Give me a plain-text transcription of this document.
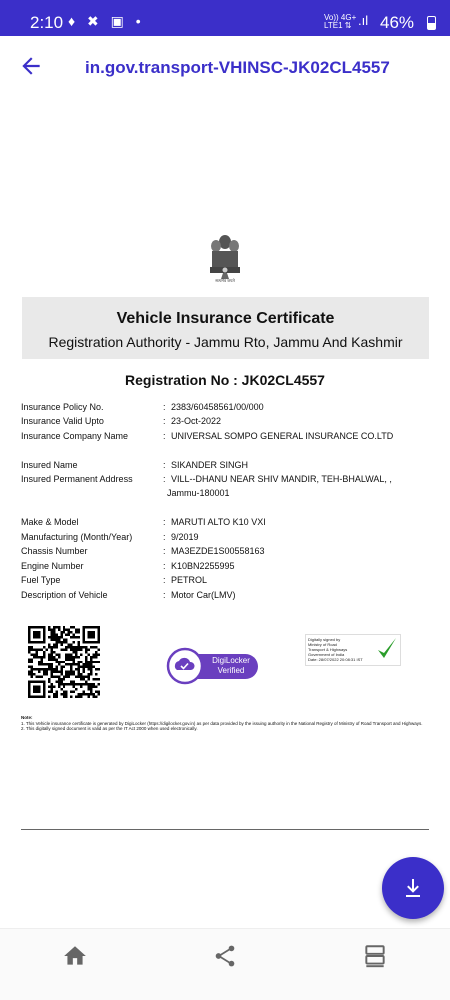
2:10 ♦ ✖ ▣ •	Vo)) 4G+
LTE1 ⇅ .ıl 46%
in.gov.transport-VHINSC-JK02CL4557
सत्यमेव जयते
Vehicle Insurance Certificate
Registration Authority - Jammu Rto, Jammu And Kashmir
Registration No : JK02CL4557
Insurance Policy No.	: 2383/60458561/00/000
Insurance Valid Upto	: 23-Oct-2022
Insurance Company Name	: UNIVERSAL SOMPO GENERAL INSURANCE CO.LTD
Insured Name	: SIKANDER SINGH
Insured Permanent Address	: VILL--DHANU NEAR SHIV MANDIR, TEH-BHALWAL, ,
Jammu-180001
Make & Model	: MARUTI ALTO K10 VXI
Manufacturing (Month/Year)	: 9/2019
Chassis Number	: MA3EZDE1S00558163
Engine Number	: K10BN2255995
Fuel Type	: PETROL
Description of Vehicle	: Motor Car(LMV)
DigiLocker
Verified
Digitally signed by
Ministry of Road
Transport & Highways
Government of India
Date: 28/07/2022 20:08:31 IST
Note:
1. This Vehicle insurance certificate is generated by DigiLocker (https://digilocker.gov.in) as per data provided by the issuing authority in the National Registry of Ministry of Road Transport and Highways.
2. This digitally signed document is valid as per the IT Act 2000 when used electronically.
